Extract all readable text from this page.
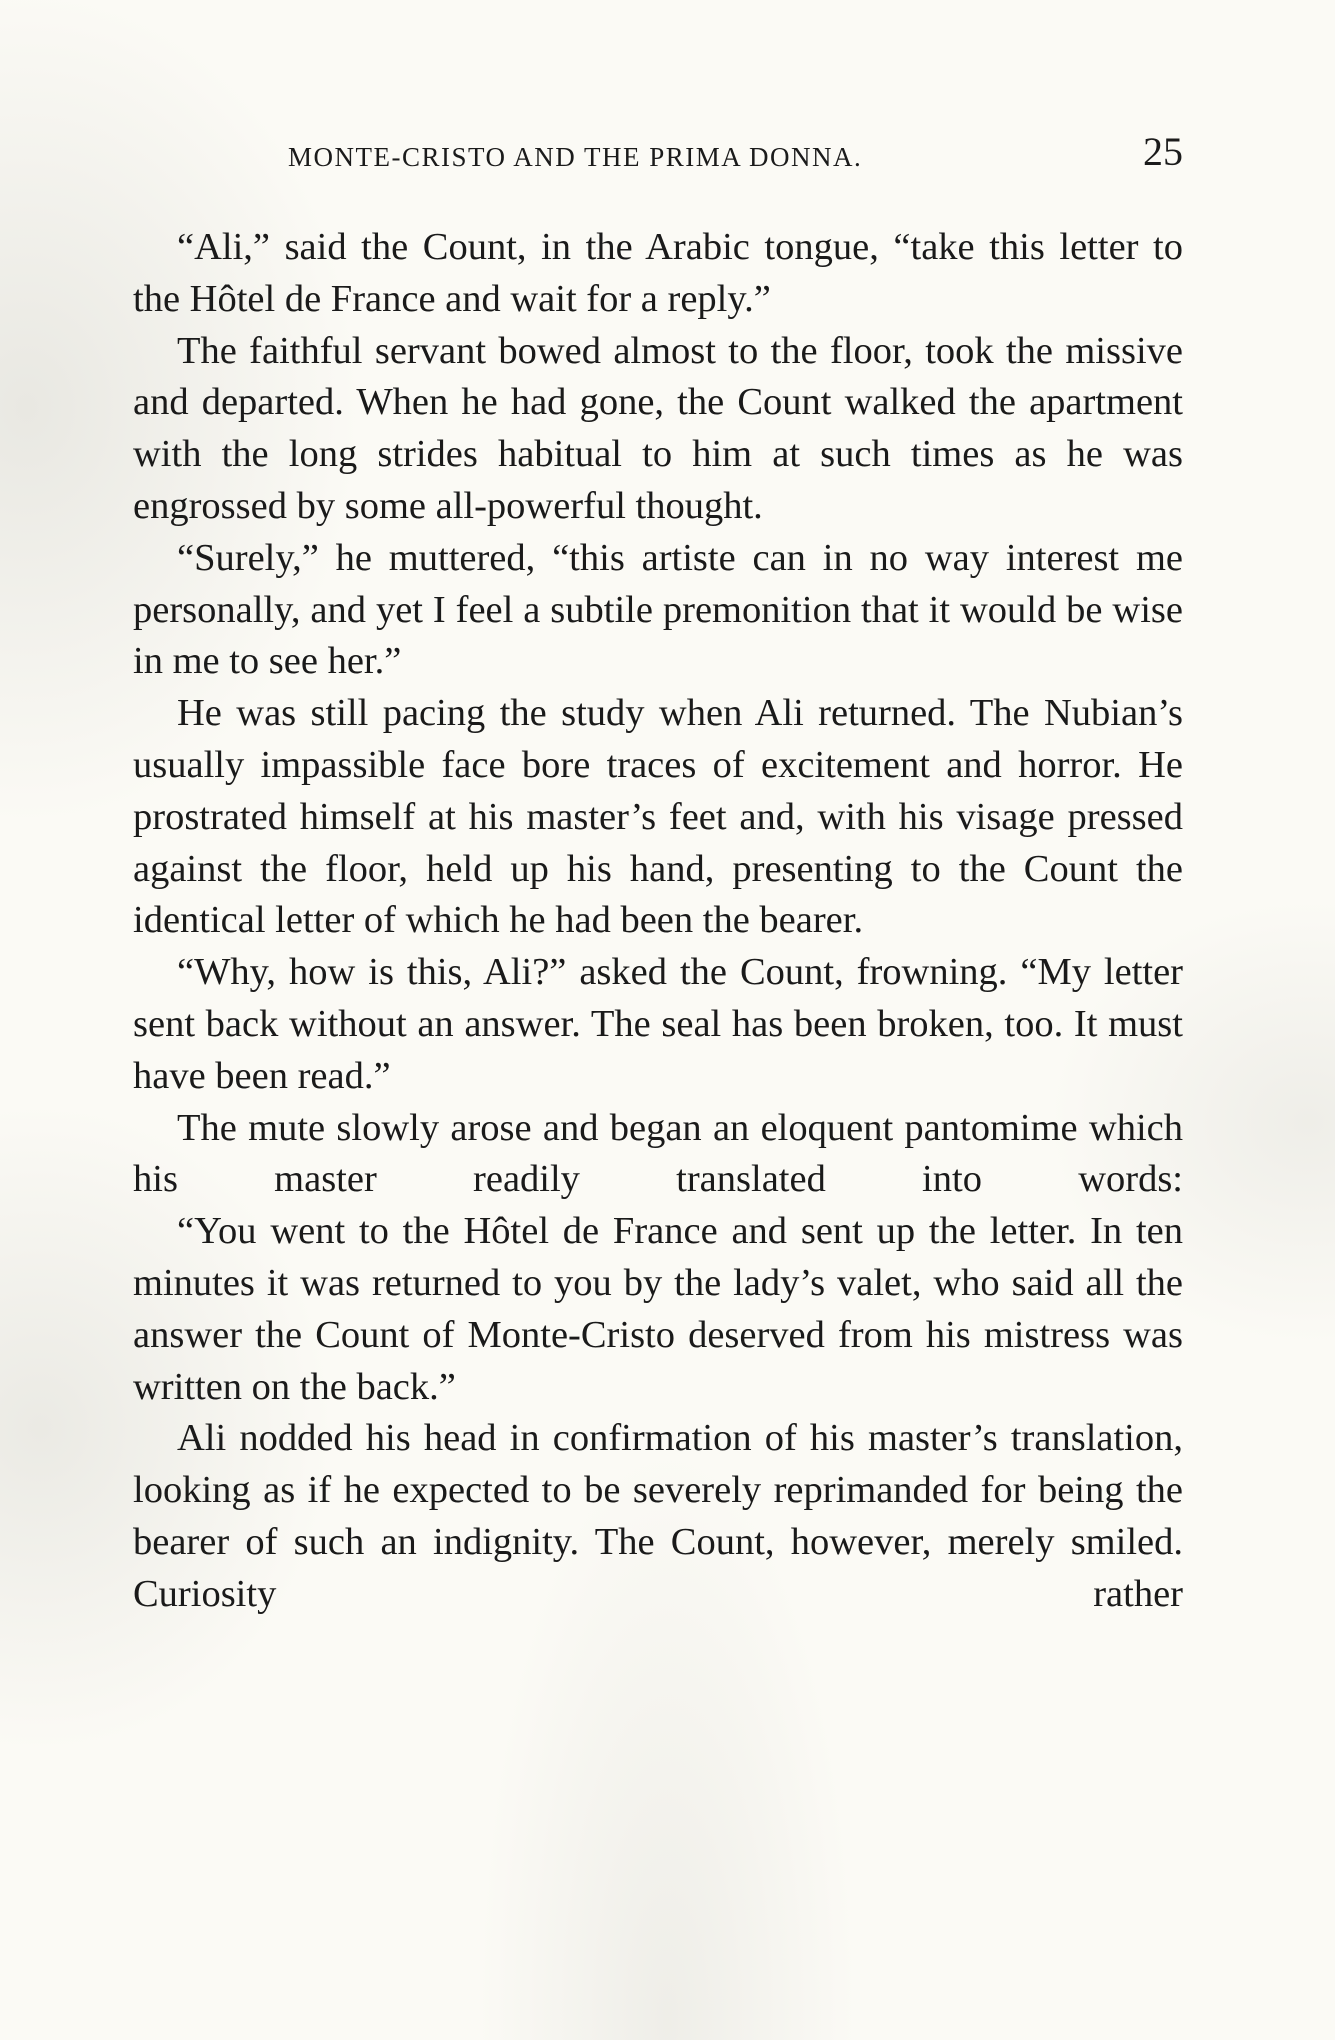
MONTE-CRISTO AND THE PRIMA DONNA.	25

“Ali,” said the Count, in the Arabic tongue, “take this letter to the Hôtel de France and wait for a reply.”

The faithful servant bowed almost to the floor, took the missive and departed. When he had gone, the Count walked the apartment with the long strides habitual to him at such times as he was engrossed by some all-powerful thought.

“Surely,” he muttered, “this artiste can in no way interest me personally, and yet I feel a subtile premonition that it would be wise in me to see her.”

He was still pacing the study when Ali returned. The Nubian’s usually impassible face bore traces of excitement and horror. He prostrated himself at his master’s feet and, with his visage pressed against the floor, held up his hand, presenting to the Count the identical letter of which he had been the bearer.

“Why, how is this, Ali?” asked the Count, frowning. “My letter sent back without an answer. The seal has been broken, too. It must have been read.”

The mute slowly arose and began an eloquent pantomime which his master readily translated into words:

“You went to the Hôtel de France and sent up the letter. In ten minutes it was returned to you by the lady’s valet, who said all the answer the Count of Monte-Cristo deserved from his mistress was written on the back.”

Ali nodded his head in confirmation of his master’s translation, looking as if he expected to be severely reprimanded for being the bearer of such an indignity. The Count, however, merely smiled. Curiosity rather
